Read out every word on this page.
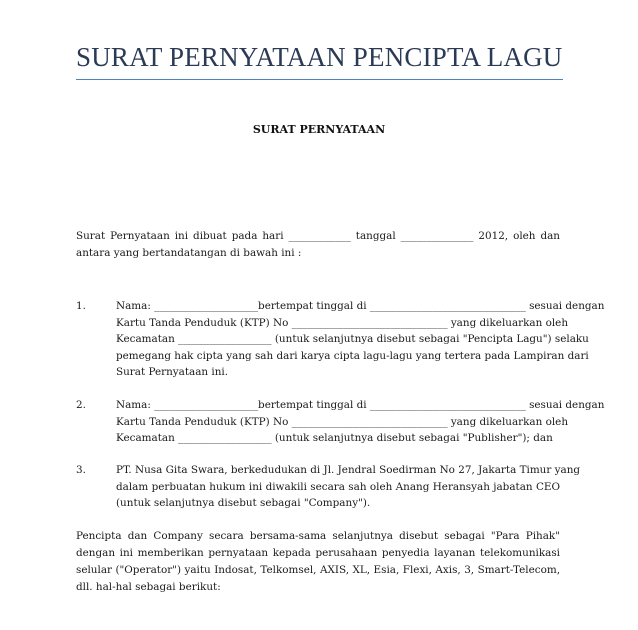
SURAT PERNYATAAN PENCIPTA LAGU
SURAT PERNYATAAN
Surat Pernyataan ini dibuat pada hari ____________ tanggal ______________ 2012, oleh dan antara yang bertandatangan di bawah ini :
1.	Nama: ____________________bertempat tinggal di ______________________________ sesuai dengan
Kartu Tanda Penduduk (KTP) No ______________________________ yang dikeluarkan oleh
Kecamatan __________________ (untuk selanjutnya disebut sebagai "Pencipta Lagu") selaku
pemegang hak cipta yang sah dari karya cipta lagu-lagu yang tertera pada Lampiran dari
Surat Pernyataan ini.
2.	Nama: ____________________bertempat tinggal di ______________________________ sesuai dengan
Kartu Tanda Penduduk (KTP) No ______________________________ yang dikeluarkan oleh
Kecamatan __________________ (untuk selanjutnya disebut sebagai "Publisher"); dan
3.	PT. Nusa Gita Swara, berkedudukan di Jl. Jendral Soedirman No 27, Jakarta Timur yang
dalam perbuatan hukum ini diwakili secara sah oleh Anang Heransyah jabatan CEO
(untuk selanjutnya disebut sebagai "Company").
Pencipta dan Company secara bersama-sama selanjutnya disebut sebagai "Para Pihak" dengan ini memberikan pernyataan kepada perusahaan penyedia layanan telekomunikasi selular ("Operator") yaitu Indosat, Telkomsel, AXIS, XL, Esia, Flexi, Axis, 3, Smart-Telecom, dll. hal-hal sebagai berikut:
